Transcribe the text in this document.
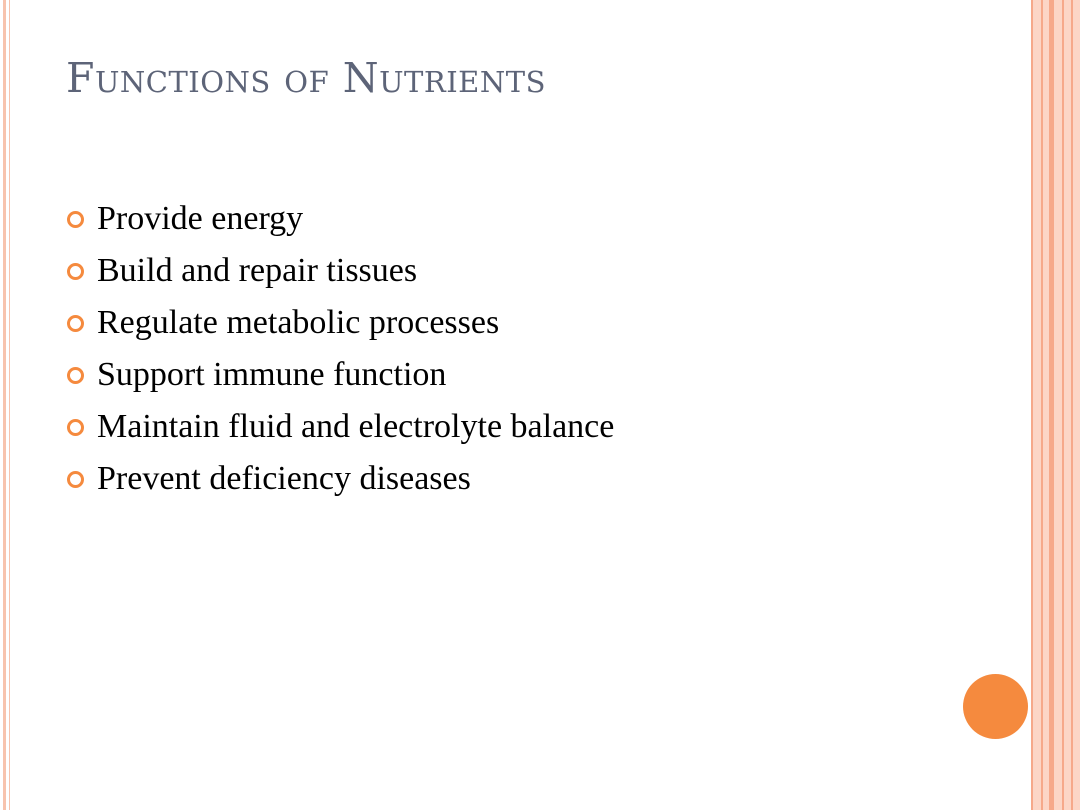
Functions of Nutrients
Provide energy
Build and repair tissues
Regulate metabolic processes
Support immune function
Maintain fluid and electrolyte balance
Prevent deficiency diseases
